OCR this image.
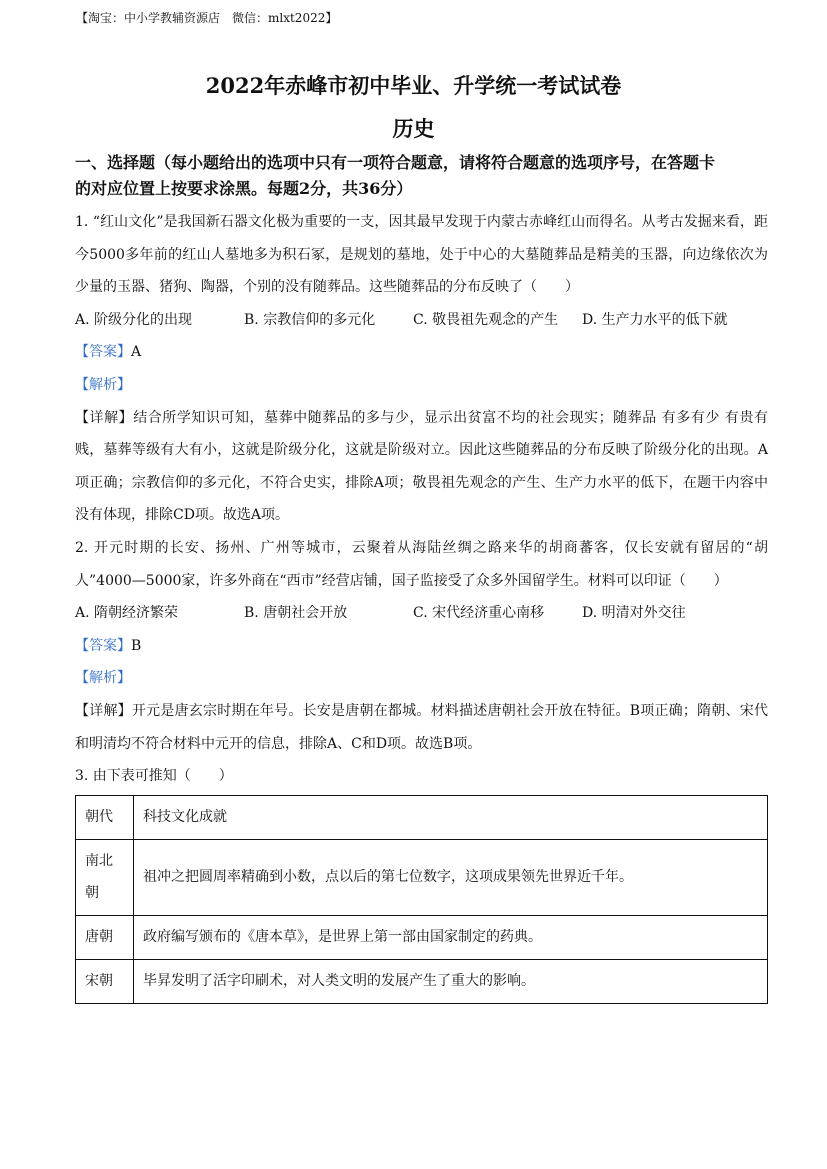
【淘宝：中小学教辅资源店　微信：mlxt2022】
2022年赤峰市初中毕业、升学统一考试试卷
历史
一、选择题（每小题给出的选项中只有一项符合题意，请将符合题意的选项序号，在答题卡
的对应位置上按要求涂黑。每题2分，共36分）

1. “红山文化”是我国新石器文化极为重要的一支，因其最早发现于内蒙古赤峰红山而得名。从考古发掘来看，距今5000多年前的红山人墓地多为积石冢，是规划的墓地，处于中心的大墓随葬品是精美的玉器，向边缘依次为少量的玉器、猪狗、陶器，个别的没有随葬品。这些随葬品的分布反映了（　　）

A. 阶级分化的出现	B. 宗教信仰的多元化	C. 敬畏祖先观念的产生	D. 生产力水平的低下就
【答案】A
【解析】

【详解】结合所学知识可知，墓葬中随葬品的多与少，显示出贫富不均的社会现实；随葬品 有多有少 有贵有贱，墓葬等级有大有小，这就是阶级分化，这就是阶级对立。因此这些随葬品的分布反映了阶级分化的出现。A项正确；宗教信仰的多元化，不符合史实，排除A项；敬畏祖先观念的产生、生产力水平的低下，在题干内容中没有体现，排除CD项。故选A项。

2. 开元时期的长安、扬州、广州等城市，云聚着从海陆丝绸之路来华的胡商蕃客，仅长安就有留居的“胡人”4000—5000家，许多外商在“西市”经营店铺，国子监接受了众多外国留学生。材料可以印证（　　）

A. 隋朝经济繁荣	B. 唐朝社会开放	C. 宋代经济重心南移	D. 明清对外交往
【答案】B
【解析】

【详解】开元是唐玄宗时期在年号。长安是唐朝在都城。材料描述唐朝社会开放在特征。B项正确；隋朝、宋代和明清均不符合材料中元开的信息，排除A、C和D项。故选B项。

3. 由下表可推知（　　）

朝代	科技文化成就
南北朝	祖冲之把圆周率精确到小数，点以后的第七位数字，这项成果领先世界近千年。
唐朝	政府编写颁布的《唐本草》，是世界上第一部由国家制定的药典。
宋朝	毕昇发明了活字印刷术，对人类文明的发展产生了重大的影响。
